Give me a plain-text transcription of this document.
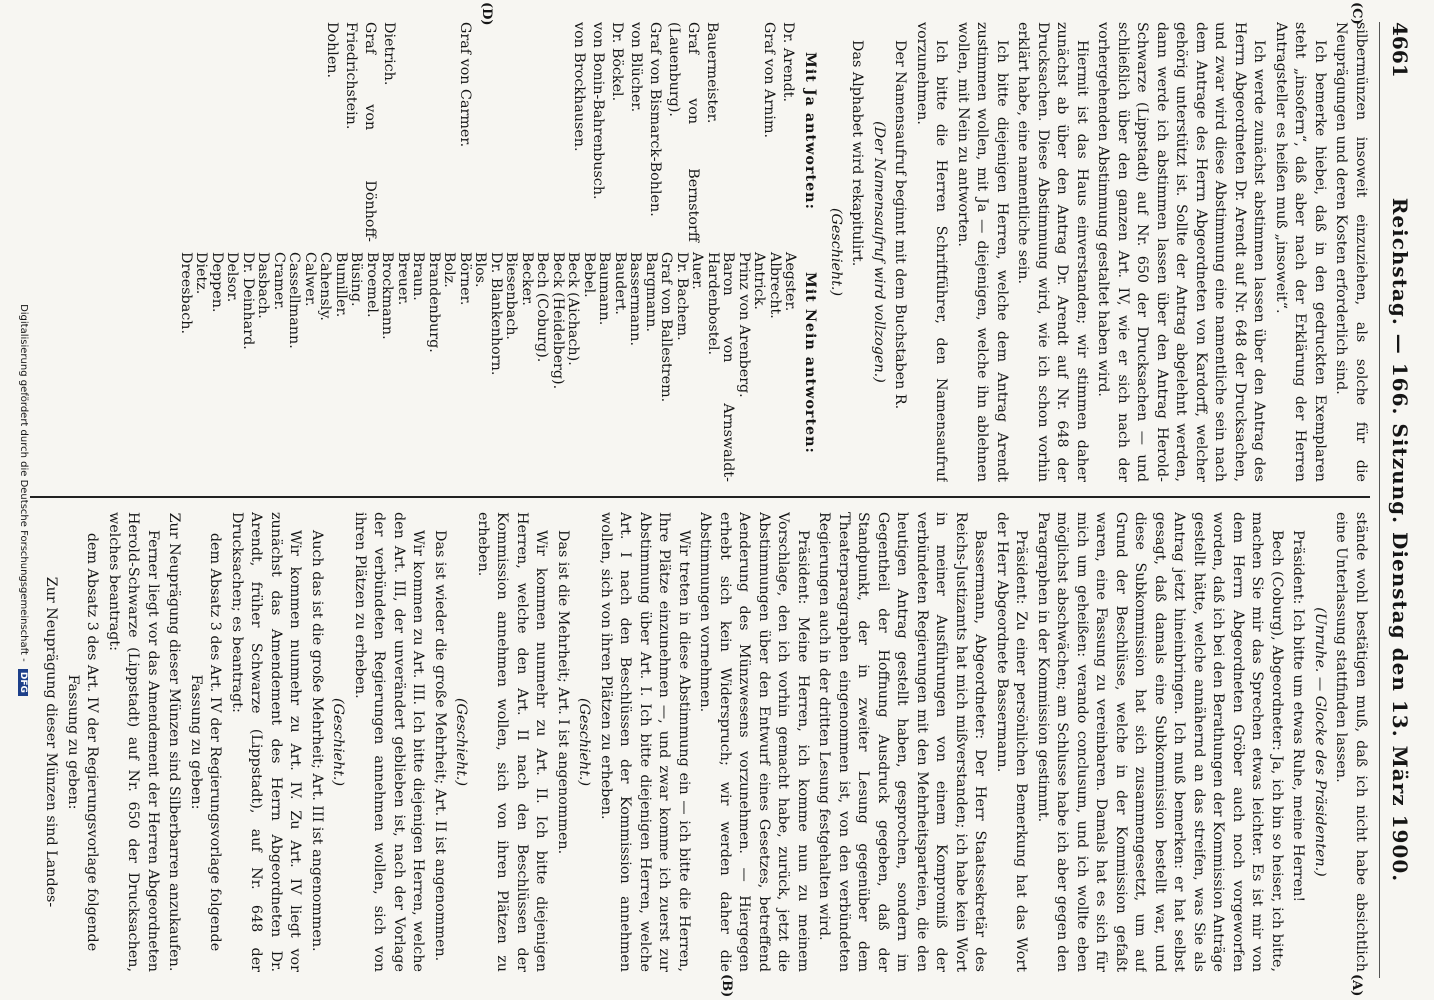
4661
Reichstag. — 166. Sitzung. Dienstag den 13. März 1900.
(C)
(D)
(A)
(B)

silbermünzen insoweit einzuziehen, als solche für die Neuprägungen und deren Kosten erforderlich sind.

Ich bemerke hiebei, daß in den gedruckten Exemplaren steht „insofern“, daß aber nach der Erklärung der Herren Antragsteller es heißen muß „insoweit“.

Ich werde zunächst abstimmen lassen über den Antrag des Herrn Abgeordneten Dr. Arendt auf Nr. 648 der Drucksachen, und zwar wird diese Abstimmung eine namentliche sein nach dem Antrage des Herrn Abgeordneten von Kardorff, welcher gehörig unterstützt ist. Sollte der Antrag abgelehnt werden, dann werde ich abstimmen lassen über den Antrag Herold-Schwarze (Lippstadt) auf Nr. 650 der Drucksachen — und schließlich über den ganzen Art. IV, wie er sich nach der vorhergehenden Abstimmung gestaltet haben wird.

Hiermit ist das Haus einverstanden; wir stimmen daher zunächst ab über den Antrag Dr. Arendt auf Nr. 648 der Drucksachen. Diese Abstimmung wird, wie ich schon vorhin erklärt habe, eine namentliche sein.

Ich bitte diejenigen Herren, welche dem Antrag Arendt zustimmen wollen, mit Ja — diejenigen, welche ihn ablehnen wollen, mit Nein zu antworten.

Ich bitte die Herren Schriftführer, den Namensaufruf vorzunehmen.

Der Namensaufruf beginnt mit dem Buchstaben R.

(Der Namensaufruf wird vollzogen.)

Das Alphabet wird rekapitulirt.

(Geschieht.)

Mit Ja antworten:
Mit Nein antworten:
Dr. Arendt.
Graf von Arnim.
Bauermeister.
Graf von Bernstorff (Lauenburg).
Graf von Bismarck-Bohlen.
von Blücher.
Dr. Böckel.
von Bonin-Bahrenbusch.
von Brockhausen.
Graf von Carmer.
Dietrich.
Graf von Dönhoff-Friedrichstein.
Dohlen.
Aegster.
Albrecht.
Antrick.
Prinz von Arenberg.
Baron von Arnswaldt-Hardenbostel.
Auer.
Dr. Bachem.
Graf von Ballestrem.
Bargmann.
Bassermann.
Baudert.
Baumann.
Bebel.
Beck (Aichach).
Beck (Heidelberg).
Bech (Coburg).
Becker.
Biesenbach.
Dr. Blankenhorn.
Blos.
Börner.
Bolz.
Brandenburg.
Braun.
Breuer.
Brockmann.
Broemel.
Büsing.
Bumiller.
Cahensly.
Calwer.
Cassellmann.
Cramer.
Dasbach.
Dr. Deinhard.
Delsor.
Deppen.
Dietz.
Dreesbach.

stände wohl bestätigen muß, daß ich nicht habe absichtlich eine Unterlassung stattfinden lassen.

(Unruhe. — Glocke des Präsidenten.)

Präsident: Ich bitte um etwas Ruhe, meine Herren!

Bech (Coburg), Abgeordneter: Ja, ich bin so heiser, ich bitte, machen Sie mir das Sprechen etwas leichter. Es ist mir von dem Herrn Abgeordneten Gröber auch noch vorgeworfen worden, daß ich bei den Berathungen der Kommission Anträge gestellt hätte, welche annähernd an das streifen, was Sie als Antrag jetzt hineinbringen. Ich muß bemerken: er hat selbst gesagt, daß damals eine Subkommission bestellt war, und diese Subkommission hat sich zusammengesetzt, um auf Grund der Beschlüsse, welche in der Kommission gefaßt waren, eine Fassung zu vereinbaren. Damals hat es sich für mich um geheißen: verando conclusum, und ich wollte eben möglichst abschwächen; am Schlusse habe ich aber gegen den Paragraphen in der Kommission gestimmt.

Präsident: Zu einer persönlichen Bemerkung hat das Wort der Herr Abgeordnete Bassermann.

Bassermann, Abgeordneter: Der Herr Staatssekretär des Reichs-Justizamts hat mich mißverstanden; ich habe kein Wort in meiner Ausführungen von einem Kompromiß der verbündeten Regierungen mit den Mehrheitsparteien, die den heutigen Antrag gestellt haben, gesprochen, sondern im Gegentheil der Hoffnung Ausdruck gegeben, daß der Standpunkt, der in zweiter Lesung gegenüber dem Theaterparagraphen eingenommen ist, von den verbündeten Regierungen auch in der dritten Lesung festgehalten wird.

Präsident: Meine Herren, ich komme nun zu meinem Vorschlage, den ich vorhin gemacht habe, zurück, jetzt die Abstimmungen über den Entwurf eines Gesetzes, betreffend Aenderung des Münzwesens vorzunehmen. — Hiergegen erhebt sich kein Widerspruch; wir werden daher die Abstimmungen vornehmen.

Wir treten in diese Abstimmung ein — ich bitte die Herren, Ihre Plätze einzunehmen —, und zwar komme ich zuerst zur Abstimmung über Art. I. Ich bitte diejenigen Herren, welche Art. I nach den Beschlüssen der Kommission annehmen wollen, sich von ihren Plätzen zu erheben.

(Geschieht.)

Das ist die Mehrheit; Art. I ist angenommen.

Wir kommen nunmehr zu Art. II. Ich bitte diejenigen Herren, welche den Art. II nach den Beschlüssen der Kommission annehmen wollen, sich von ihren Plätzen zu erheben.

(Geschieht.)

Das ist wieder die große Mehrheit; Art. II ist angenommen.

Wir kommen zu Art. III. Ich bitte diejenigen Herren, welche den Art. III, der unverändert geblieben ist, nach der Vorlage der verbündeten Regierungen annehmen wollen, sich von ihren Plätzen zu erheben.

(Geschieht.)

Auch das ist die große Mehrheit; Art. III ist angenommen.

Wir kommen nunmehr zu Art. IV. Zu Art. IV liegt vor zunächst das Amendement des Herrn Abgeordneten Dr. Arendt, früher Schwarze (Lippstadt), auf Nr. 648 der Drucksachen; es beantragt:

dem Absatz 3 des Art. IV der Regierungsvorlage folgende Fassung zu geben:

Zur Neuprägung dieser Münzen sind Silberbarren anzukaufen.

Ferner liegt vor das Amendement der Herren Abgeordneten Herold-Schwarze (Lippstadt) auf Nr. 650 der Drucksachen, welches beantragt:

dem Absatz 3 des Art. IV der Regierungsvorlage folgende Fassung zu geben:

Zur Neuprägung dieser Münzen sind Landes-

Digitalisierung gefördert durch die Deutsche Forschungsgemeinschaft - DFG
